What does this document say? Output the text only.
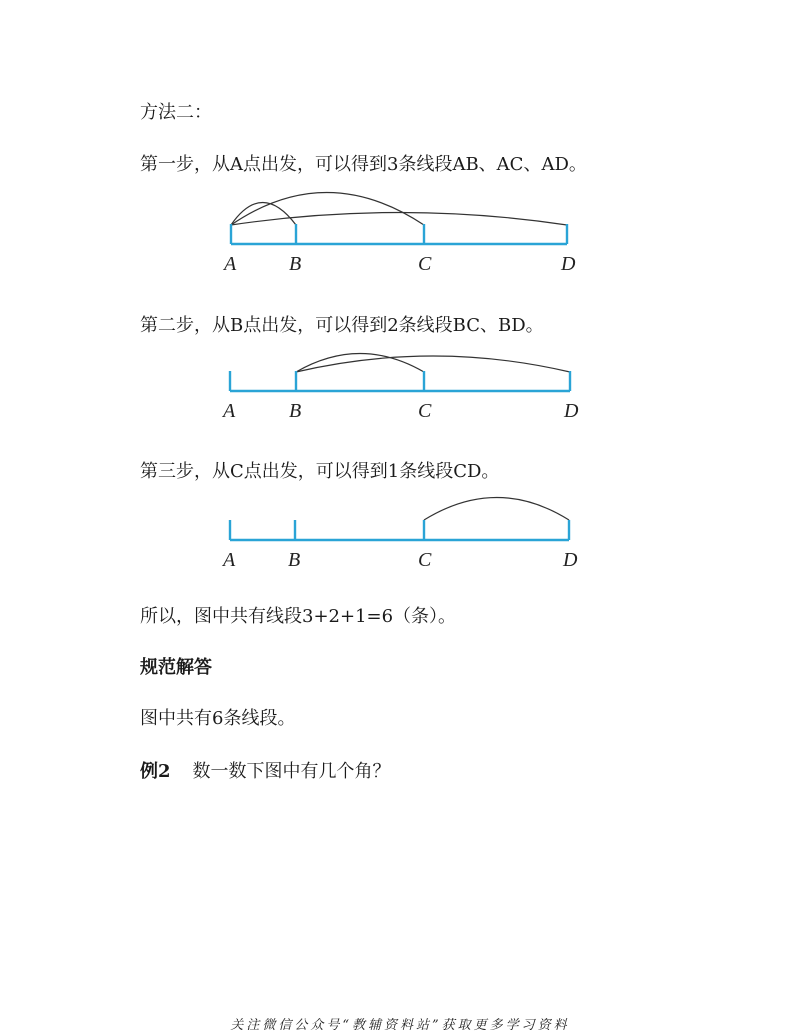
方法二：
第一步，从A点出发，可以得到3条线段AB、AC、AD。
A	B	C	D
第二步，从B点出发，可以得到2条线段BC、BD。
A	B	C	D
第三步，从C点出发，可以得到1条线段CD。
A	B	C	D
所以，图中共有线段3+2+1=6（条）。
规范解答
图中共有6条线段。
例2 数一数下图中有几个角？
关注微信公众号“教辅资料站”获取更多学习资料
